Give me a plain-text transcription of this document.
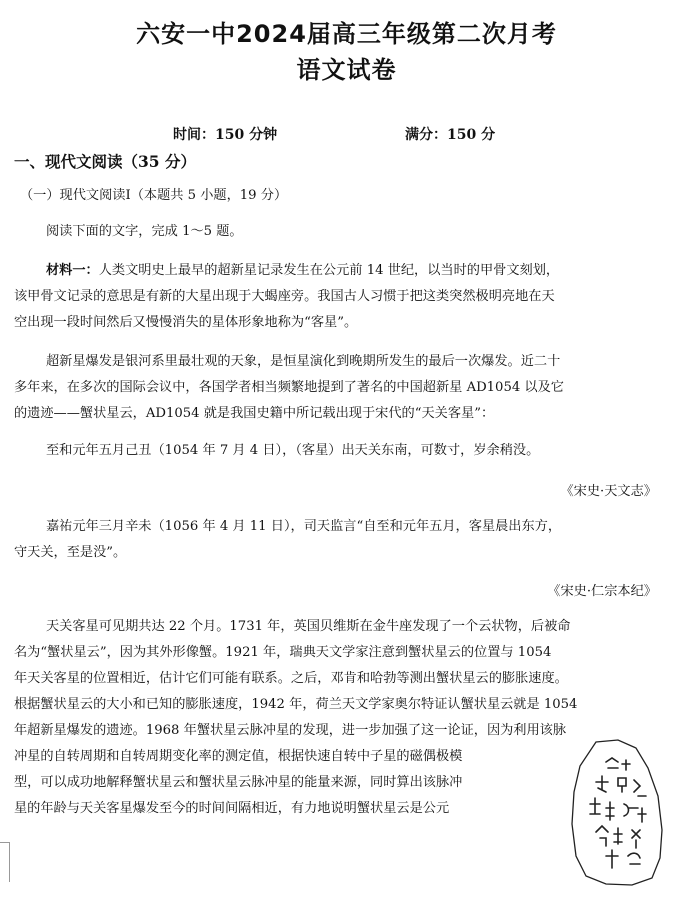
六安一中2024届高三年级第二次月考
语文试卷
时间：150 分钟	满分：150 分
一、现代文阅读（35 分）
（一）现代文阅读Ⅰ（本题共 5 小题，19 分）
阅读下面的文字，完成 1～5 题。
材料一：人类文明史上最早的超新星记录发生在公元前 14 世纪，以当时的甲骨文刻划，
该甲骨文记录的意思是有新的大星出现于大蝎座旁。我国古人习惯于把这类突然极明亮地在天
空出现一段时间然后又慢慢消失的星体形象地称为“客星”。
超新星爆发是银河系里最壮观的天象，是恒星演化到晚期所发生的最后一次爆发。近二十
多年来，在多次的国际会议中，各国学者相当频繁地提到了著名的中国超新星 AD1054 以及它
的遗迹——蟹状星云，AD1054 就是我国史籍中所记载出现于宋代的“天关客星”：
至和元年五月己丑（1054 年 7 月 4 日），（客星）出天关东南，可数寸，岁余稍没。
《宋史·天文志》
嘉祐元年三月辛未（1056 年 4 月 11 日），司天监言“自至和元年五月，客星晨出东方，
守天关，至是没”。
《宋史·仁宗本纪》
天关客星可见期共达 22 个月。1731 年，英国贝维斯在金牛座发现了一个云状物，后被命
名为“蟹状星云”，因为其外形像蟹。1921 年，瑞典天文学家注意到蟹状星云的位置与 1054
年天关客星的位置相近，估计它们可能有联系。之后，邓肯和哈勃等测出蟹状星云的膨胀速度。
根据蟹状星云的大小和已知的膨胀速度，1942 年，荷兰天文学家奥尔特证认蟹状星云就是 1054
年超新星爆发的遗迹。1968 年蟹状星云脉冲星的发现，进一步加强了这一论证，因为利用该脉
冲星的自转周期和自转周期变化率的测定值，根据快速自转中子星的磁偶极模
型，可以成功地解释蟹状星云和蟹状星云脉冲星的能量来源，同时算出该脉冲
星的年龄与天关客星爆发至今的时间间隔相近，有力地说明蟹状星云是公元
